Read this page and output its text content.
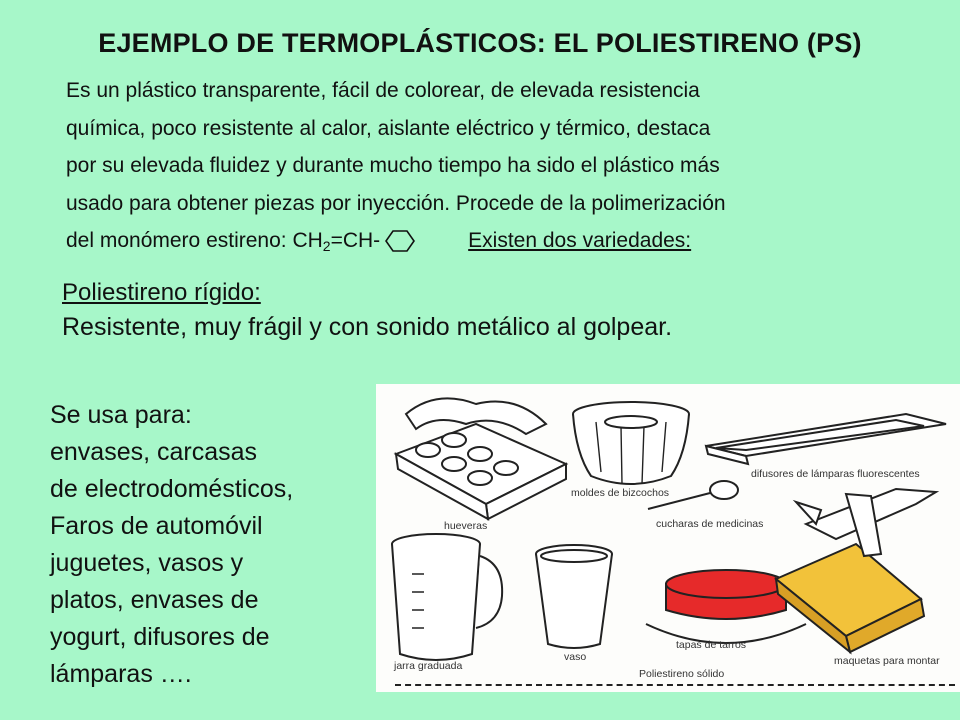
EJEMPLO DE TERMOPLÁSTICOS: EL POLIESTIRENO (PS)
Es un plástico transparente, fácil de colorear, de elevada resistencia
química, poco resistente al calor, aislante eléctrico y térmico, destaca
por su elevada fluidez y durante mucho tiempo ha sido el plástico más
usado para obtener piezas por inyección. Procede de la polimerización
del monómero estireno: $CH_2=CH-$	Existen dos variedades:
Poliestireno rígido:
Resistente, muy frágil y con sonido metálico al golpear.
Se usa para:
envases, carcasas
de electrodomésticos,
Faros de automóvil
juguetes, vasos y
platos, envases de
yogurt, difusores de
lámparas ….
hueveras
moldes de bizcochos
difusores de lámparas fluorescentes
cucharas de medicinas
jarra graduada
vaso
tapas de tarros
maquetas para montar
Poliestireno sólido
